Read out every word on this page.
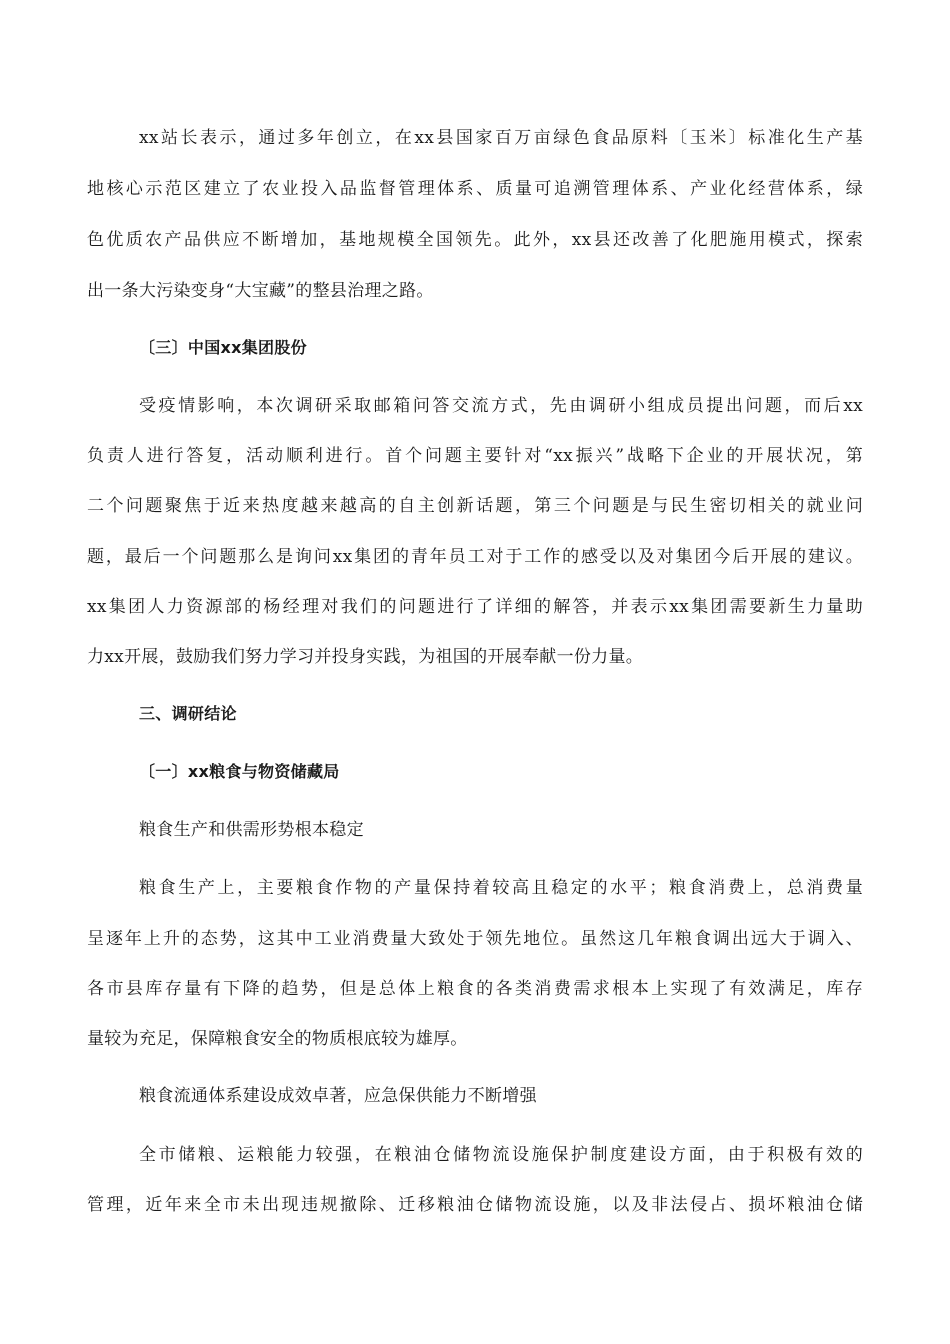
xx站长表示，通过多年创立，在xx县国家百万亩绿色食品原料〔玉米〕标准化生产基
地核心示范区建立了农业投入品监督管理体系、质量可追溯管理体系、产业化经营体系，绿
色优质农产品供应不断增加，基地规模全国领先。此外，xx县还改善了化肥施用模式，探索
出一条大污染变身“大宝藏”的整县治理之路。
〔三〕中国xx集团股份
受疫情影响，本次调研采取邮箱问答交流方式，先由调研小组成员提出问题，而后xx
负责人进行答复，活动顺利进行。首个问题主要针对“xx振兴”战略下企业的开展状况，第
二个问题聚焦于近来热度越来越高的自主创新话题，第三个问题是与民生密切相关的就业问
题，最后一个问题那么是询问xx集团的青年员工对于工作的感受以及对集团今后开展的建议。
xx集团人力资源部的杨经理对我们的问题进行了详细的解答，并表示xx集团需要新生力量助
力xx开展，鼓励我们努力学习并投身实践，为祖国的开展奉献一份力量。
三、调研结论
〔一〕xx粮食与物资储藏局
粮食生产和供需形势根本稳定
粮食生产上，主要粮食作物的产量保持着较高且稳定的水平；粮食消费上，总消费量
呈逐年上升的态势，这其中工业消费量大致处于领先地位。虽然这几年粮食调出远大于调入、
各市县库存量有下降的趋势，但是总体上粮食的各类消费需求根本上实现了有效满足，库存
量较为充足，保障粮食安全的物质根底较为雄厚。
粮食流通体系建设成效卓著，应急保供能力不断增强
全市储粮、运粮能力较强，在粮油仓储物流设施保护制度建设方面，由于积极有效的
管理，近年来全市未出现违规撤除、迁移粮油仓储物流设施，以及非法侵占、损坏粮油仓储
